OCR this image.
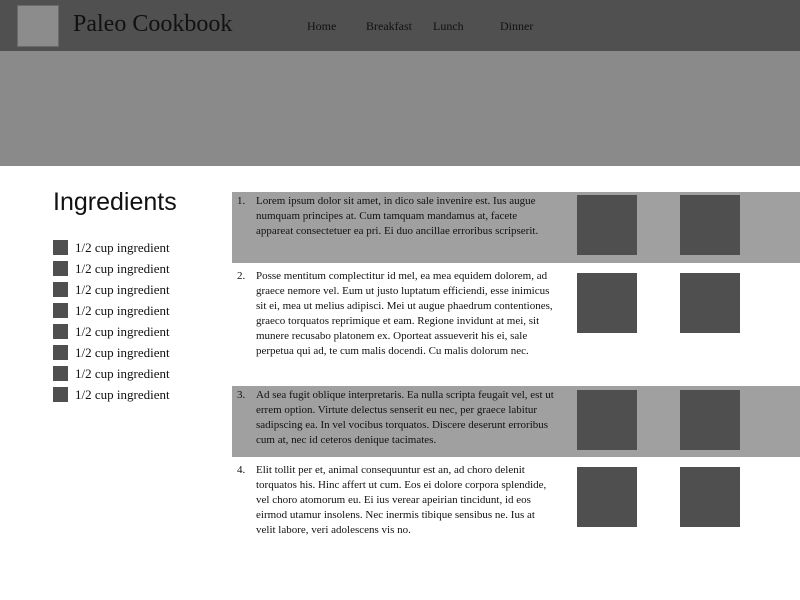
Paleo Cookbook	Home Breakfast Lunch	Dinner
Ingredients
1/2 cup ingredient
1/2 cup ingredient
1/2 cup ingredient
1/2 cup ingredient
1/2 cup ingredient
1/2 cup ingredient
1/2 cup ingredient
1/2 cup ingredient
1. Lorem ipsum dolor sit amet, in dico sale invenire est. Ius augue numquam principes at. Cum tamquam mandamus at, facete appareat consectetuer ea pri. Ei duo ancillae erroribus scripserit.

2. Posse mentitum complectitur id mel, ea mea equidem dolorem, ad graece nemore vel. Eum ut justo luptatum efficiendi, esse inimicus sit ei, mea ut melius adipisci. Mei ut augue phaedrum contentiones, graeco torquatos reprimique et eam. Regione invidunt at mei, sit munere recusabo platonem ex. Oporteat assueverit his ei, sale perpetua qui ad, te cum malis docendi. Cu malis dolorum nec.

3. Ad sea fugit oblique interpretaris. Ea nulla scripta feugait vel, est ut errem option. Virtute delectus senserit eu nec, per graece labitur sadipscing ea. In vel vocibus torquatos. Discere deserunt erroribus cum at, nec id ceteros denique tacimates.

4. Elit tollit per et, animal consequuntur est an, ad choro delenit torquatos his. Hinc affert ut cum. Eos ei dolore corpora splendide, vel choro atomorum eu. Ei ius verear apeirian tincidunt, id eos eirmod utamur insolens. Nec inermis tibique sensibus ne. Ius at velit labore, veri adolescens vis no.
